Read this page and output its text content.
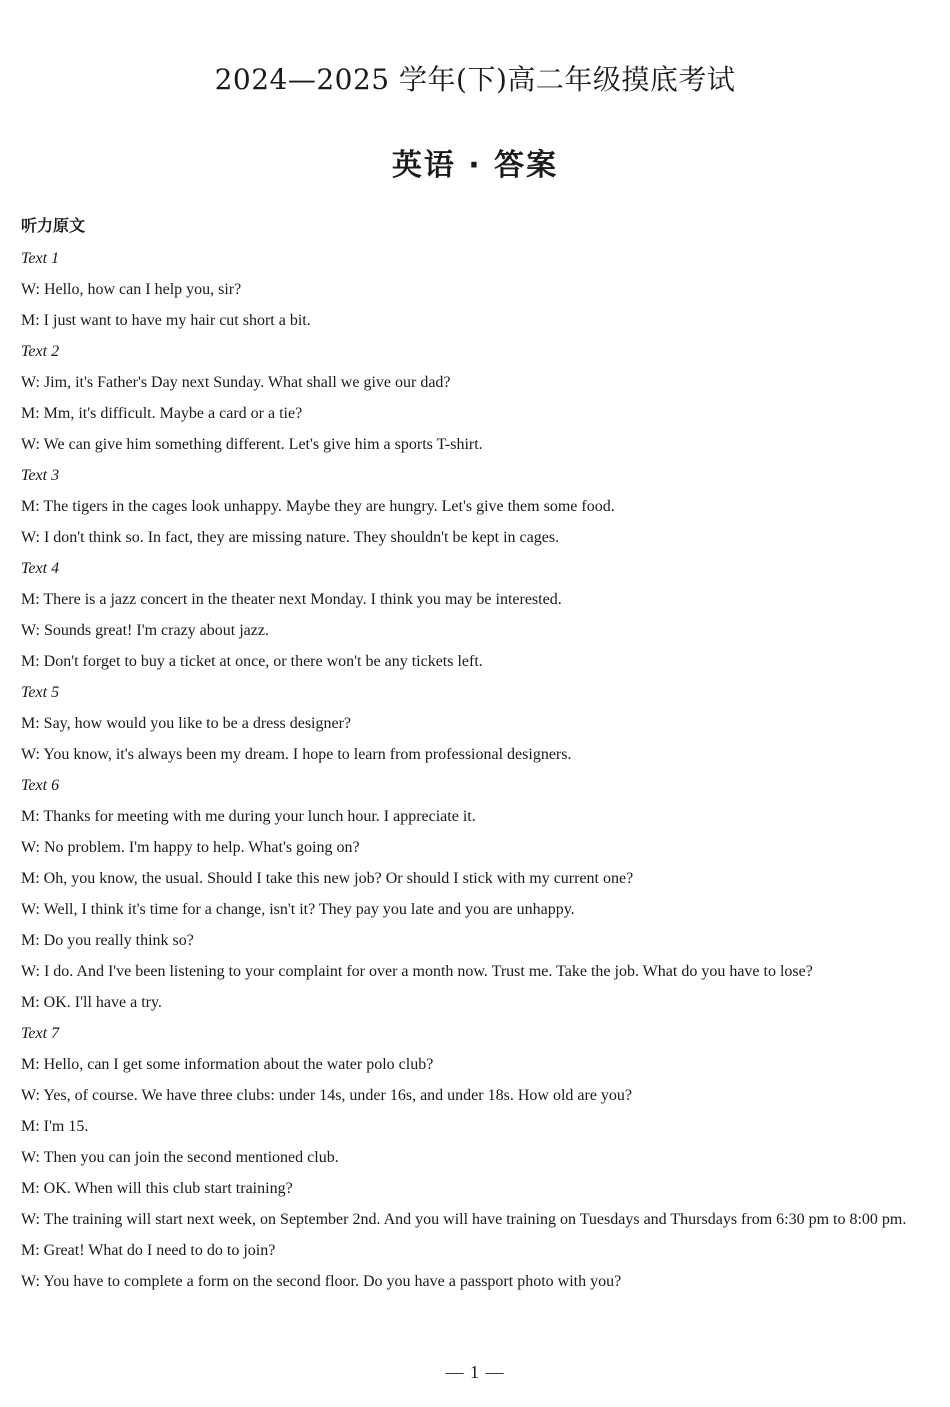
2024—2025 学年(下)高二年级摸底考试
英语 · 答案
听力原文
Text 1
W: Hello, how can I help you, sir?
M: I just want to have my hair cut short a bit.
Text 2
W: Jim, it's Father's Day next Sunday. What shall we give our dad?
M: Mm, it's difficult. Maybe a card or a tie?
W: We can give him something different. Let's give him a sports T-shirt.
Text 3
M: The tigers in the cages look unhappy. Maybe they are hungry. Let's give them some food.
W: I don't think so. In fact, they are missing nature. They shouldn't be kept in cages.
Text 4
M: There is a jazz concert in the theater next Monday. I think you may be interested.
W: Sounds great! I'm crazy about jazz.
M: Don't forget to buy a ticket at once, or there won't be any tickets left.
Text 5
M: Say, how would you like to be a dress designer?
W: You know, it's always been my dream. I hope to learn from professional designers.
Text 6
M: Thanks for meeting with me during your lunch hour. I appreciate it.
W: No problem. I'm happy to help. What's going on?
M: Oh, you know, the usual. Should I take this new job? Or should I stick with my current one?
W: Well, I think it's time for a change, isn't it? They pay you late and you are unhappy.
M: Do you really think so?
W: I do. And I've been listening to your complaint for over a month now. Trust me. Take the job. What do you have to lose?
M: OK. I'll have a try.
Text 7
M: Hello, can I get some information about the water polo club?
W: Yes, of course. We have three clubs: under 14s, under 16s, and under 18s. How old are you?
M: I'm 15.
W: Then you can join the second mentioned club.
M: OK. When will this club start training?
W: The training will start next week, on September 2nd. And you will have training on Tuesdays and Thursdays from 6:30 pm to 8:00 pm.
M: Great! What do I need to do to join?
W: You have to complete a form on the second floor. Do you have a passport photo with you?
— 1 —
